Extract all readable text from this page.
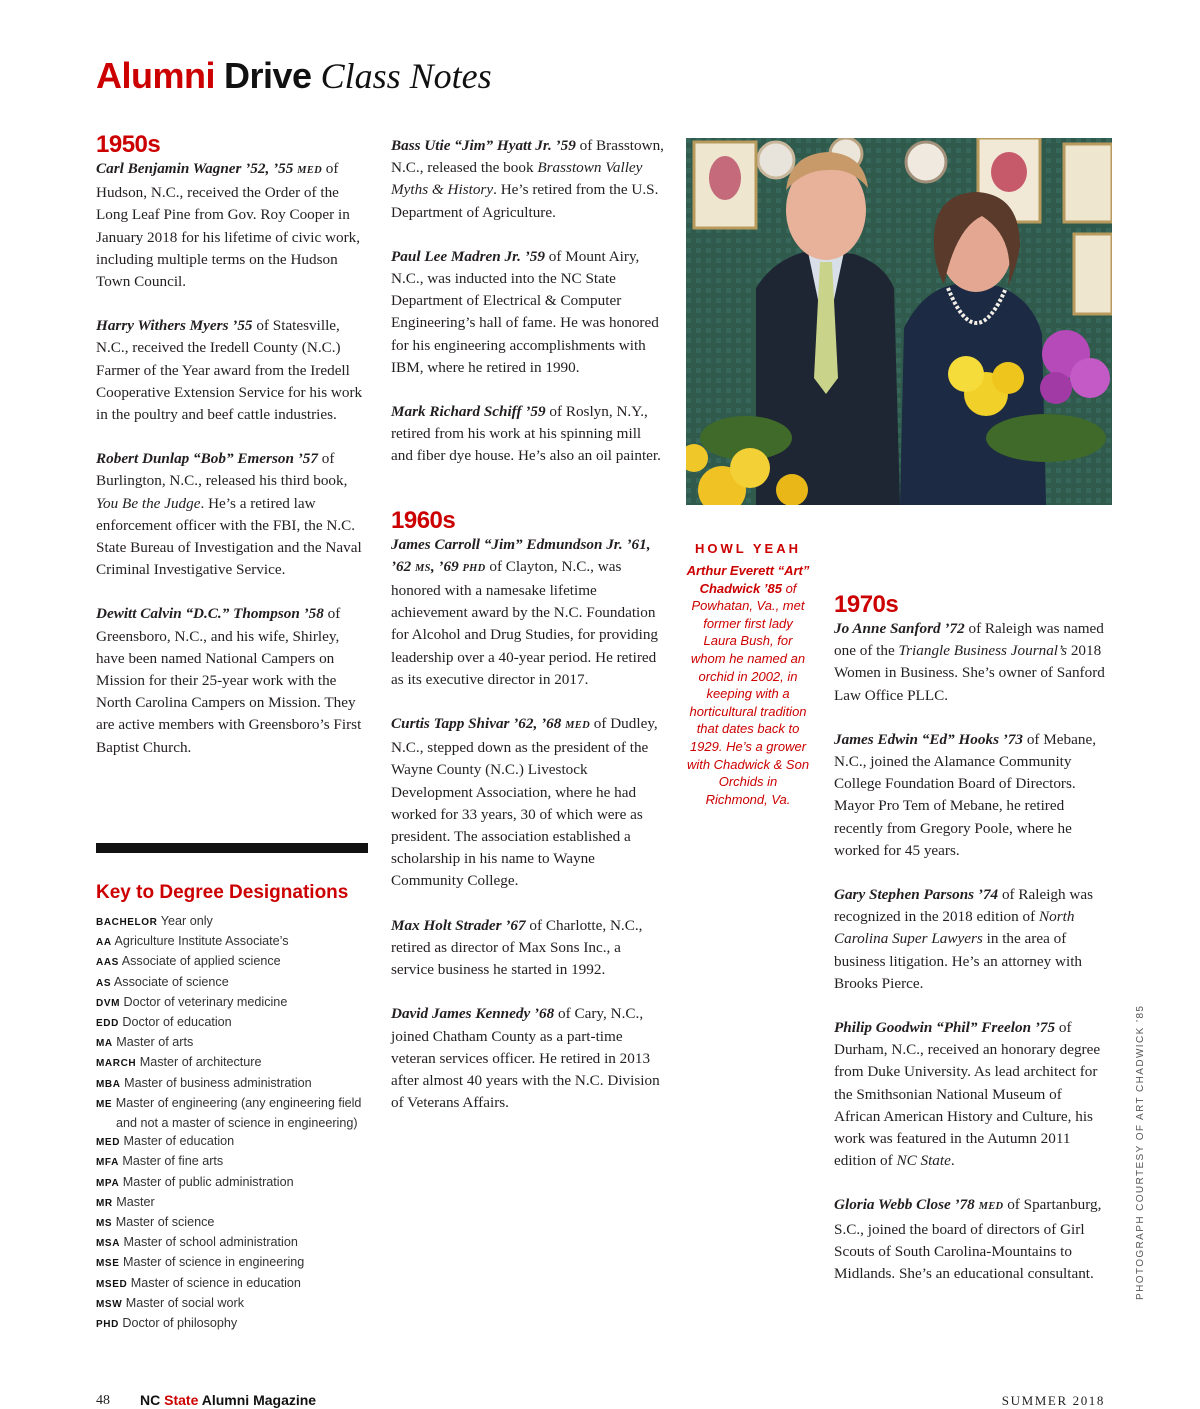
Alumni Drive Class Notes
1950s

Carl Benjamin Wagner ’52, ’55 MED of Hudson, N.C., received the Order of the Long Leaf Pine from Gov. Roy Cooper in January 2018 for his lifetime of civic work, including multiple terms on the Hudson Town Council.

Harry Withers Myers ’55 of Statesville, N.C., received the Iredell County (N.C.) Farmer of the Year award from the Iredell Cooperative Extension Service for his work in the poultry and beef cattle industries.

Robert Dunlap “Bob” Emerson ’57 of Burlington, N.C., released his third book, You Be the Judge. He’s a retired law enforcement officer with the FBI, the N.C. State Bureau of Investigation and the Naval Criminal Investigative Service.

Dewitt Calvin “D.C.” Thompson ’58 of Greensboro, N.C., and his wife, Shirley, have been named National Campers on Mission for their 25-year work with the North Carolina Campers on Mission. They are active members with Greensboro’s First Baptist Church.

Key to Degree Designations
BACHELOR Year only
AA Agriculture Institute Associate’s
AAS Associate of applied science
AS Associate of science
DVM Doctor of veterinary medicine
EDD Doctor of education
MA Master of arts
MARCH Master of architecture
MBA Master of business administration
ME Master of engineering (any engineering field and not a master of science in engineering)
MED Master of education
MFA Master of fine arts
MPA Master of public administration
MR Master
MS Master of science
MSA Master of school administration
MSE Master of science in engineering
MSED Master of science in education
MSW Master of social work
PHD Doctor of philosophy

Bass Utie “Jim” Hyatt Jr. ’59 of Brasstown, N.C., released the book Brasstown Valley Myths & History. He’s retired from the U.S. Department of Agriculture.

Paul Lee Madren Jr. ’59 of Mount Airy, N.C., was inducted into the NC State Department of Electrical & Computer Engineering’s hall of fame. He was honored for his engineering accomplishments with IBM, where he retired in 1990.

Mark Richard Schiff ’59 of Roslyn, N.Y., retired from his work at his spinning mill and fiber dye house. He’s also an oil painter.

1960s

James Carroll “Jim” Edmundson Jr. ’61, ’62 MS, ’69 PHD of Clayton, N.C., was honored with a namesake lifetime achievement award by the N.C. Foundation for Alcohol and Drug Studies, for providing leadership over a 40-year period. He retired as its executive director in 2017.

Curtis Tapp Shivar ’62, ’68 MED of Dudley, N.C., stepped down as the president of the Wayne County (N.C.) Livestock Development Association, where he had worked for 33 years, 30 of which were as president. The association established a scholarship in his name to Wayne Community College.

Max Holt Strader ’67 of Charlotte, N.C., retired as director of Max Sons Inc., a service business he started in 1992.

David James Kennedy ’68 of Cary, N.C., joined Chatham County as a part-time veteran services officer. He retired in 2013 after almost 40 years with the N.C. Division of Veterans Affairs.

HOWL YEAH
Arthur Everett “Art” Chadwick ’85 of Powhatan, Va., met former first lady Laura Bush, for whom he named an orchid in 2002, in keeping with a horticultural tradition that dates back to 1929. He’s a grower with Chadwick & Son Orchids in Richmond, Va.
1970s

Jo Anne Sanford ’72 of Raleigh was named one of the Triangle Business Journal’s 2018 Women in Business. She’s owner of Sanford Law Office PLLC.

James Edwin “Ed” Hooks ’73 of Mebane, N.C., joined the Alamance Community College Foundation Board of Directors. Mayor Pro Tem of Mebane, he retired recently from Gregory Poole, where he worked for 45 years.

Gary Stephen Parsons ’74 of Raleigh was recognized in the 2018 edition of North Carolina Super Lawyers in the area of business litigation. He’s an attorney with Brooks Pierce.

Philip Goodwin “Phil” Freelon ’75 of Durham, N.C., received an honorary degree from Duke University. As lead architect for the Smithsonian National Museum of African American History and Culture, his work was featured in the Autumn 2011 edition of NC State.

Gloria Webb Close ’78 MED of Spartanburg, S.C., joined the board of directors of Girl Scouts of South Carolina-Mountains to Midlands. She’s an educational consultant.	PHOTOGRAPH COURTESY OF ART CHADWICK ’85
48 NC State Alumni Magazine	SUMMER 2018
